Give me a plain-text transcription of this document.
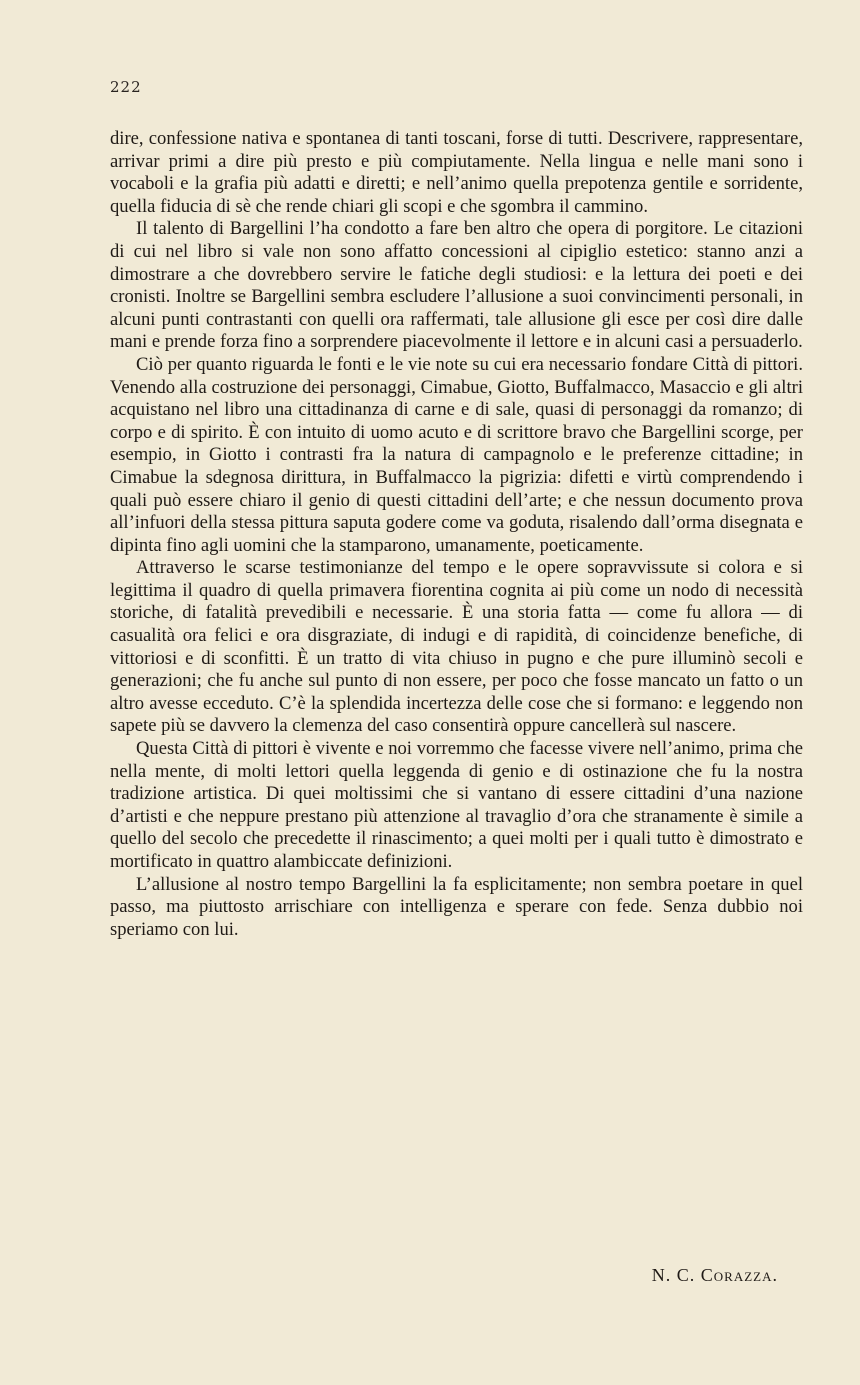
222

dire, confessione nativa e spontanea di tanti toscani, forse di tutti. Descrivere, rappresentare, arrivar primi a dire più presto e più compiutamente. Nella lingua e nelle mani sono i vocaboli e la grafia più adatti e diretti; e nell’animo quella prepotenza gentile e sorridente, quella fiducia di sè che rende chiari gli scopi e che sgombra il cammino.

Il talento di Bargellini l’ha condotto a fare ben altro che opera di porgitore. Le citazioni di cui nel libro si vale non sono affatto concessioni al cipiglio estetico: stanno anzi a dimostrare a che dovrebbero servire le fatiche degli studiosi: e la lettura dei poeti e dei cronisti. Inoltre se Bargellini sembra escludere l’allusione a suoi convincimenti personali, in alcuni punti contrastanti con quelli ora raffermati, tale allusione gli esce per così dire dalle mani e prende forza fino a sorprendere piacevolmente il lettore e in alcuni casi a persuaderlo.

Ciò per quanto riguarda le fonti e le vie note su cui era necessario fondare Città di pittori. Venendo alla costruzione dei personaggi, Cimabue, Giotto, Buffalmacco, Masaccio e gli altri acquistano nel libro una cittadinanza di carne e di sale, quasi di personaggi da romanzo; di corpo e di spirito. È con intuito di uomo acuto e di scrittore bravo che Bargellini scorge, per esempio, in Giotto i contrasti fra la natura di campagnolo e le preferenze cittadine; in Cimabue la sdegnosa dirittura, in Buffalmacco la pigrizia: difetti e virtù comprendendo i quali può essere chiaro il genio di questi cittadini dell’arte; e che nessun documento prova all’infuori della stessa pittura saputa godere come va goduta, risalendo dall’orma disegnata e dipinta fino agli uomini che la stamparono, umanamente, poeticamente.

Attraverso le scarse testimonianze del tempo e le opere sopravvissute si colora e si legittima il quadro di quella primavera fiorentina cognita ai più come un nodo di necessità storiche, di fatalità prevedibili e necessarie. È una storia fatta — come fu allora — di casualità ora felici e ora disgraziate, di indugi e di rapidità, di coincidenze benefiche, di vittoriosi e di sconfitti. È un tratto di vita chiuso in pugno e che pure illuminò secoli e generazioni; che fu anche sul punto di non essere, per poco che fosse mancato un fatto o un altro avesse ecceduto. C’è la splendida incertezza delle cose che si formano: e leggendo non sapete più se davvero la clemenza del caso consentirà oppure cancellerà sul nascere.

Questa Città di pittori è vivente e noi vorremmo che facesse vivere nell’animo, prima che nella mente, di molti lettori quella leggenda di genio e di ostinazione che fu la nostra tradizione artistica. Di quei moltissimi che si vantano di essere cittadini d’una nazione d’artisti e che neppure prestano più attenzione al travaglio d’ora che stranamente è simile a quello del secolo che precedette il rinascimento; a quei molti per i quali tutto è dimostrato e mortificato in quattro alambiccate definizioni.

L’allusione al nostro tempo Bargellini la fa esplicitamente; non sembra poetare in quel passo, ma piuttosto arrischiare con intelligenza e sperare con fede. Senza dubbio noi speriamo con lui.

N. C. Corazza.
